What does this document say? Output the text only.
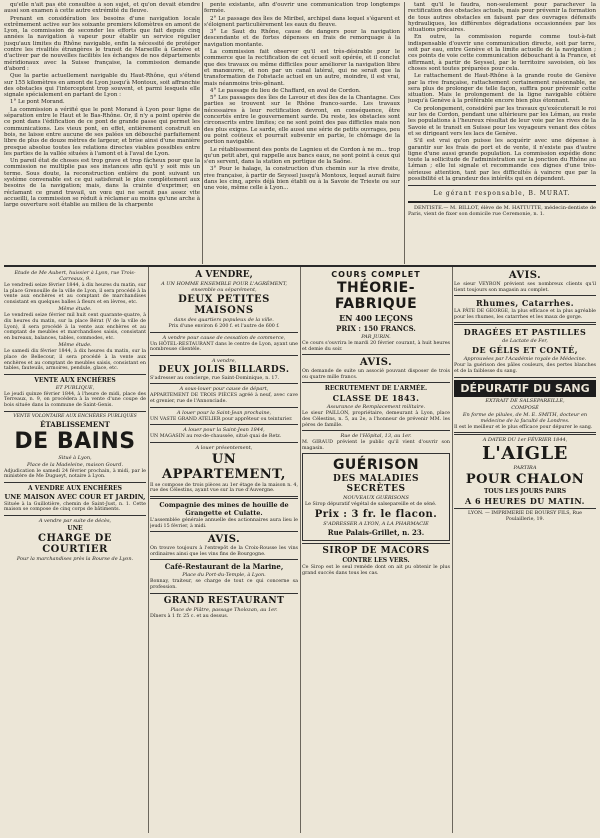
qu'elle n'ait pas été consultée à son sujet, et qu'on devait étendre aussi son examen à cette autre extrémité du fleuve.

Prenant en considération les besoins d'une navigation locale extrêmement active sur les soixante premiers kilomètres en amont de Lyon, la commission de seconder les efforts que fait depuis cinq années la navigation à vapeur pour établir un service régulier jusqu'aux limites du Rhône navigable, enfin la nécessité de protéger contre les rivalités étrangères le transit de Marseille à Genève et d'activer par de nouvelles facilités les échanges de nos départements méridionaux avec la Suisse française, la commission demande d'abord :

Que la partie actuellement navigable du Haut-Rhône, qui s'étend sur 155 kilomètres en amont de Lyon jusqu'à Montoux, soit affranchie des obstacles qui l'interceptent trop souvent, et parmi lesquels elle signale spécialement en partant de Lyon :

1° Le pont Morand.

La commission a vérifié que le pont Morand à Lyon pour ligne de séparation entre le Haut et le Bas-Rhône. Or, il n'y a point opérée de ce pont dans l'édification de ce pont de grande passe qui permet les communications. Les vieux pont, en effet, entièrement construit en bois, ne laisse entre aucune de ses palées un débouché parfaitement libre de plus de douze mètres de largeur, et brise ainsi d'une manière presque absolue toutes les relations directes viables possibles entre les parties de la vallée situées à l'amont et à l'aval de Lyon.

Un pareil état de choses est trop grave et trop fâcheux pour que la commission ne multiplie pas ses instances afin qu'il y soit mis un terme. Sous doute, la reconstruction entière du pont suivant un système convenable est ce qui satisferait le plus complètement aux besoins de la navigation; mais, dans la crainte d'exprimer, en réclamant ce grand travail, un vœu qui ne serait pas assez vite accueilli, la commission se réduit à réclamer au moins qu'une arche à large ouverture soit établie au milieu de la charpente

pente existante, afin d'ouvrir une communication trop longtemps fermée.

2° Le passage des îles de Miribel, archipel dans lequel s'égarent et s'éloignent particulièrement les eaux du fleuve.

3° Le Saut du Rhône, cause de dangers pour la navigation descendante et de fortes dépenses en frais de remorquage à la navigation montante.

La commission fait observer qu'il est très-désirable pour le commerce que la rectification de cet écueil soit opérée, et il conclut que des travaux ou même difficiles pour améliorer la navigation libre et manœuvre, et non par un canal latéral, qui ne serait que la transformation de l'obstacle actuel en un autre, moindre, il est vrai, mais néanmoins très-gênant.

4° Le passage du lieu de Chaffard, en aval de Cordon.

5° Les passages des îles de Lavour et des îles de la Chantagne. Ces parties se trouvent sur le Rhône franco-sarde. Les travaux nécessaires à leur rectification devront, en conséquence, être concertés entre le gouvernement sarde. Du reste, les obstacles sont circonscrits entre limites; ce ne sont point des pas difficiles mais non des plus exigus. Le sarde, elle aussi une série de petits ouvrages, peu ou point coûteux et pourrait subvenir en partie, le chômage de la portion navigable.

Le rétablissement des ponts de Lagnieu et de Cordon à ne m... trop qu'un petit abri, qui rappelle aux bancs eaux, ne sont point à ceux qui s'en servent, dans la station en portique de la Saône.

3° Pour le halage, la construction d'un chemin sur la rive droite, rive française, à partir de Seyssel jusqu'à Montoux, lequel aurait faire dans les cinq, après déjà bien établi ou à la Savoie de Trieste ou sur une voie, même celle à Lyon...

tant qu'il le faudra, non-seulement pour parachever la rectification des obstacles actuels, mais pour prévenir la formation de tous autres obstacles en faisant par des ouvrages défensifs hydrauliques, les différentes dégradations occasionnées par les situations précaires.

En outre, la commission regarde comme tout-à-fait indispensable d'ouvrir une communication directe, soit par terre, soit par eau, entre Genève et la limite actuelle de la navigation ; ces points de voie cette communication débouchant à la France, et affirmant, à partir de Seyssel, par le territoire savoisien, où les choses sont toutes préparées pour cela.

Le rattachement de Haut-Rhône à la grande route de Genève par la rive française, rattachement certainement raisonnable, ne sera plus de prolonger de telle façon, suffira pour prévenir cette situation. Mais le prolongement de la ligne navigable côtière jusqu'à Genève à la préférable encore bien plus étonnant.

Ce prolongement, considéré par les travaux qu'exécuterait le roi sur les de Cordon, pendant une ultérieure par les Léman, au reste les populations à l'heureux résultat de leur voie par les rives de la Savoie et le transit en Suisse pour les voyageurs venant des côtes et se dirigeant vers les lacs de Genève.

S'il est vrai qu'on puisse les acquérir avec une dépense à garantir sur les frais de port et de vente, il n'existe pas d'autre ligne d'une aussi grande population. La commission expédie donc toute la sollicitude de l'administration sur la jonction du Rhône au Léman ; elle lui signale et recommande ces dignes d'une très-sérieuse attention, tant par les difficultés à vaincre que par la possibilité et la grandeur des intérêts qui en dépendent.

Le gérant responsable, B. MURAT.

DENTISTE.— M. BILLOT, élève de M. HATTUTTE, médecin-dentiste de Paris, vient de fixer son domicile rue Ceremonie, n. 1.

Etude de Me Aubert, huissier à Lyon, rue Trois-Carreaux, 9.

Le vendredi seize février 1844, à dix heures du matin, sur la place Grenouille de la ville de Lyon, il sera procédé à la vente aux enchères et au comptant de marchandises consistant en quelques balles à fleurs et en lèvres, etc.

Même étude.

Le vendredi seize février mil huit cent quarante-quatre, à dix heures du matin, sur la place Bérat (V de la ville de Lyon), il sera procédé à la vente aux enchères et au comptant de meubles et marchandises saisis, consistant en bureaux, balances, tables, commodes, etc.

Même étude.

Le samedi dix février 1844, à dix heures du matin, sur la place de Bellecour, il sera procédé à la vente aux enchères et au comptant de meubles saisis, consistant en tables, fauteuils, armoires, pendule, glace, etc.

VENTE AUX ENCHÈRES
ET PUBLIQUE,

Le jeudi quinze février 1844, à l'heure de midi, place des Terreaux, n. 9, on procédera à la vente d'une coupe de bois située dans la commune de Saint-Genis.

VENTE VOLONTAIRE AUX ENCHÈRES PUBLIQUES
ÉTABLISSEMENT
DE BAINS
Situé à Lyon,
Place de la Madeleine, maison Gourd.

Adjudication le samedi 24 février prochain, à midi, par le ministère de Me Dugueyt, notaire à Lyon.

A VENDRE AUX ENCHÈRES
UNE MAISON AVEC COUR ET JARDIN,

Située à la Guillotière, chemin de Saint-Just, n. 1. Cette maison se compose de cinq corps de bâtiments.

A vendre par suite de décès,
UNE
CHARGE DE COURTIER
Pour la marchandises près la Bourse de Lyon.
A VENDRE,
A UN HOMME ENSEMBLE POUR L'AGRÉMENT, ensemble ou séparément,
DEUX PETITES MAISONS
dans des quartiers populeux de la ville.
Prix d'une environ 6 200 f. et l'autre de 600 f.
A vendre pour cause de cessation de commerce,

Un HÔTEL-RESTAURANT dans le centre de Lyon, ayant une nombreuse clientèle.

A vendre,
DEUX JOLIS BILLARDS.

S'adresser au concierge, rue Saint-Dominique, n. 17.

A sous-louer pour cause de départ,

APPARTEMENT DE TROIS PIÈCES agréé à neuf, avec cave et grenier, rue de l'Annonciade.

A louer pour la Saint-Jean prochaine,

UN VASTE GRAND ATELIER pour apprêteur ou teinturier.

A louer pour la Saint-Jean 1844,

UN MAGASIN au rez-de-chaussée, situé quai de Retz.

A louer présentement,
UN APPARTEMENT,

Il se compose de trois pièces au 1er étage de la maison n. 4, rue des Célestins, ayant vue sur la rue d'Auvergne.

Compagnie des mines de houille de Grangette et Culatte.

L'assemblée générale annuelle des actionnaires aura lieu le jeudi 15 février, à midi.

AVIS.

On trouve toujours à l'entrepôt de la Croix-Rousse les vins ordinaires ainsi que les vins fins de Bourgogne.

Café-Restaurant de la Marine,
Place du Port-du-Temple, à Lyon.

Bonnay, traiteur, se charge de tout ce qui concerne sa profession.

GRAND RESTAURANT
Place de Plâtre, passage Tholozan, au 1er.

Dîners à 1 fr. 25 c. et au dessus.

COURS COMPLET
THÉORIE-FABRIQUE
EN 400 LEÇONS
PRIX : 150 FRANCS.
PAR JURIN.

Ce cours s'ouvrira le mardi 20 février courant, à huit heures et demie du soir.

AVIS.

On demande de suite un associé pouvant disposer de trois ou quatre mille francs.

RECRUTEMENT DE L'ARMÉE.
CLASSE DE 1843.
Assurance de Remplacement militaire.

Le sieur PAILLON, propriétaire, demeurant à Lyon, place des Célestins, n. 5, au 2e, a l'honneur de prévenir MM. les pères de famille.

Rue de l'Hôpital, 13, au 1er.

M. GIRAUD prévient le public qu'il vient d'ouvrir son magasin.

GUÉRISON
DES MALADIES SECRÈTES
NOUVEAUX GUÉRISONS

Le Sirop dépuratif végétal de salsepareille et de séné.

Prix : 3 fr. le flacon.
S'ADRESSER A LYON, A LA PHARMACIE
Rue Palais-Grillet, n. 23.
SIROP DE MACORS
CONTRE LES VERS.

Ce Sirop est le seul remède dont on ait pu obtenir le plus grand succès dans tous les cas.

AVIS.

Le sieur VEYRON prévient ses nombreux clients qu'il tient toujours son magasin au complet.

Rhumes, Catarrhes.

LA PÂTE DE GEORGE, la plus efficace et la plus agréable pour les rhumes, les catarrhes et les maux de gorge.

DRAGÉES ET PASTILLES
de Lactate de Fer,
DE GÉLIS ET CONTÉ,
Approuvées par l'Académie royale de Médecine.

Pour la guérison des pâles couleurs, des pertes blanches et de la faiblesse du sang.

DÉPURATIF DU SANG
EXTRAIT DE SALSEPAREILLE,
COMPOSÉ
En forme de pilules, de M. E. SMITH, docteur en médecine de la faculté de Londres.

Il est le meilleur et le plus efficace pour dépurer le sang.

A DATER DU 1er FÉVRIER 1844,
L'AIGLE
PARTIRA
POUR CHALON
TOUS LES JOURS PAIRS
A 6 HEURES DU MATIN.

LYON. — IMPRIMERIE DE BOURSY FILS, Rue Poulaillerie, 19.
